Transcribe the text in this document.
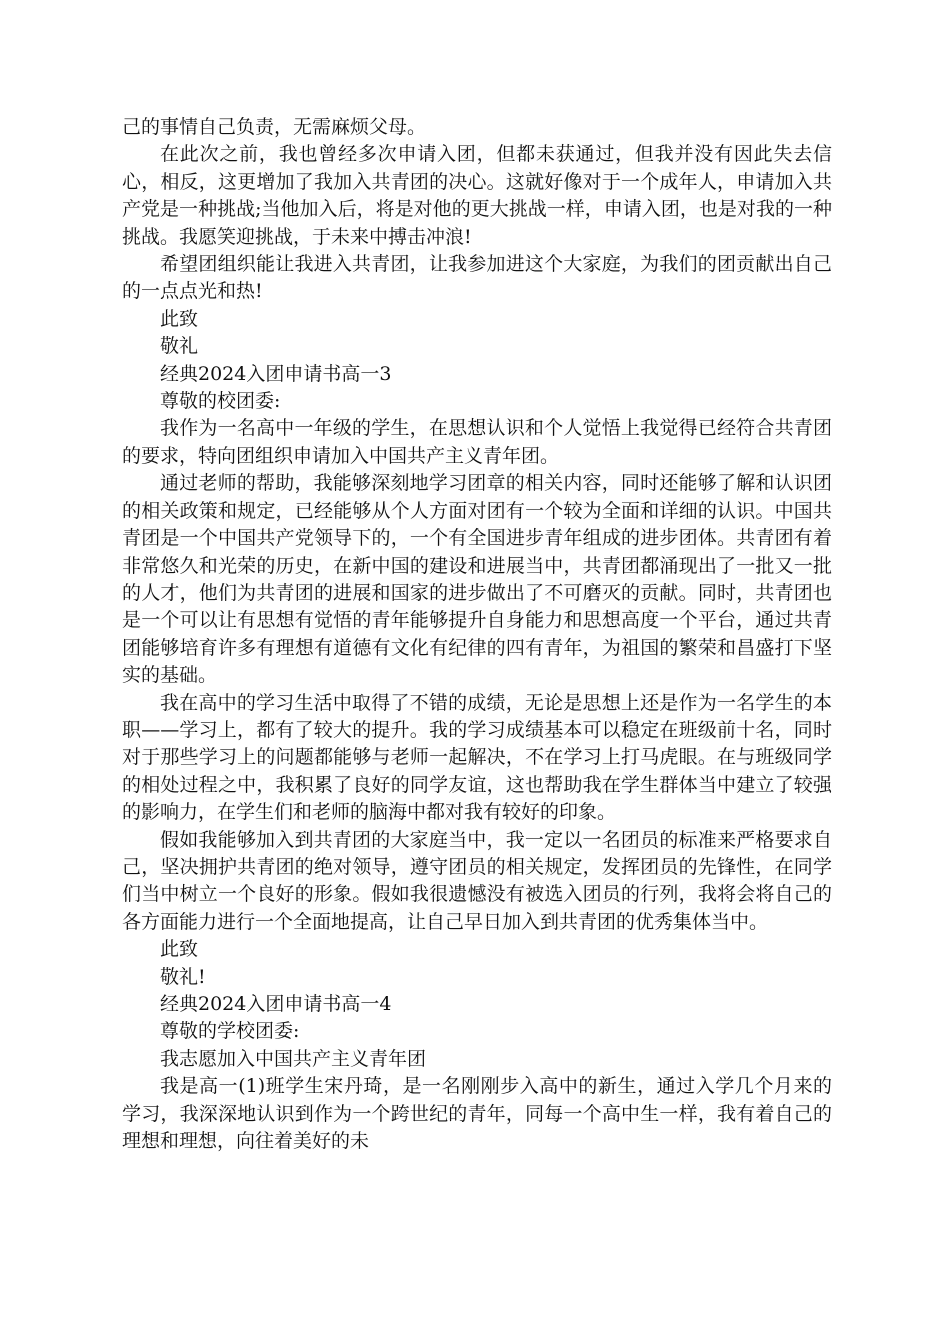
己的事情自己负责，无需麻烦父母。

在此次之前，我也曾经多次申请入团，但都未获通过，但我并没有因此失去信心，相反，这更增加了我加入共青团的决心。这就好像对于一个成年人，申请加入共产党是一种挑战;当他加入后，将是对他的更大挑战一样，申请入团，也是对我的一种挑战。我愿笑迎挑战，于未来中搏击冲浪!

希望团组织能让我进入共青团，让我参加进这个大家庭，为我们的团贡献出自己的一点点光和热!

此致

敬礼

经典2024入团申请书高一3

尊敬的校团委:

我作为一名高中一年级的学生，在思想认识和个人觉悟上我觉得已经符合共青团的要求，特向团组织申请加入中国共产主义青年团。

通过老师的帮助，我能够深刻地学习团章的相关内容，同时还能够了解和认识团的相关政策和规定，已经能够从个人方面对团有一个较为全面和详细的认识。中国共青团是一个中国共产党领导下的，一个有全国进步青年组成的进步团体。共青团有着非常悠久和光荣的历史，在新中国的建设和进展当中，共青团都涌现出了一批又一批的人才，他们为共青团的进展和国家的进步做出了不可磨灭的贡献。同时，共青团也是一个可以让有思想有觉悟的青年能够提升自身能力和思想高度一个平台，通过共青团能够培育许多有理想有道德有文化有纪律的四有青年，为祖国的繁荣和昌盛打下坚实的基础。

我在高中的学习生活中取得了不错的成绩，无论是思想上还是作为一名学生的本职——学习上，都有了较大的提升。我的学习成绩基本可以稳定在班级前十名，同时对于那些学习上的问题都能够与老师一起解决，不在学习上打马虎眼。在与班级同学的相处过程之中，我积累了良好的同学友谊，这也帮助我在学生群体当中建立了较强的影响力，在学生们和老师的脑海中都对我有较好的印象。

假如我能够加入到共青团的大家庭当中，我一定以一名团员的标准来严格要求自己，坚决拥护共青团的绝对领导，遵守团员的相关规定，发挥团员的先锋性，在同学们当中树立一个良好的形象。假如我很遗憾没有被选入团员的行列，我将会将自己的各方面能力进行一个全面地提高，让自己早日加入到共青团的优秀集体当中。

此致

敬礼!

经典2024入团申请书高一4

尊敬的学校团委:

我志愿加入中国共产主义青年团

我是高一(1)班学生宋丹琦，是一名刚刚步入高中的新生，通过入学几个月来的学习，我深深地认识到作为一个跨世纪的青年，同每一个高中生一样，我有着自己的理想和理想，向往着美好的未
